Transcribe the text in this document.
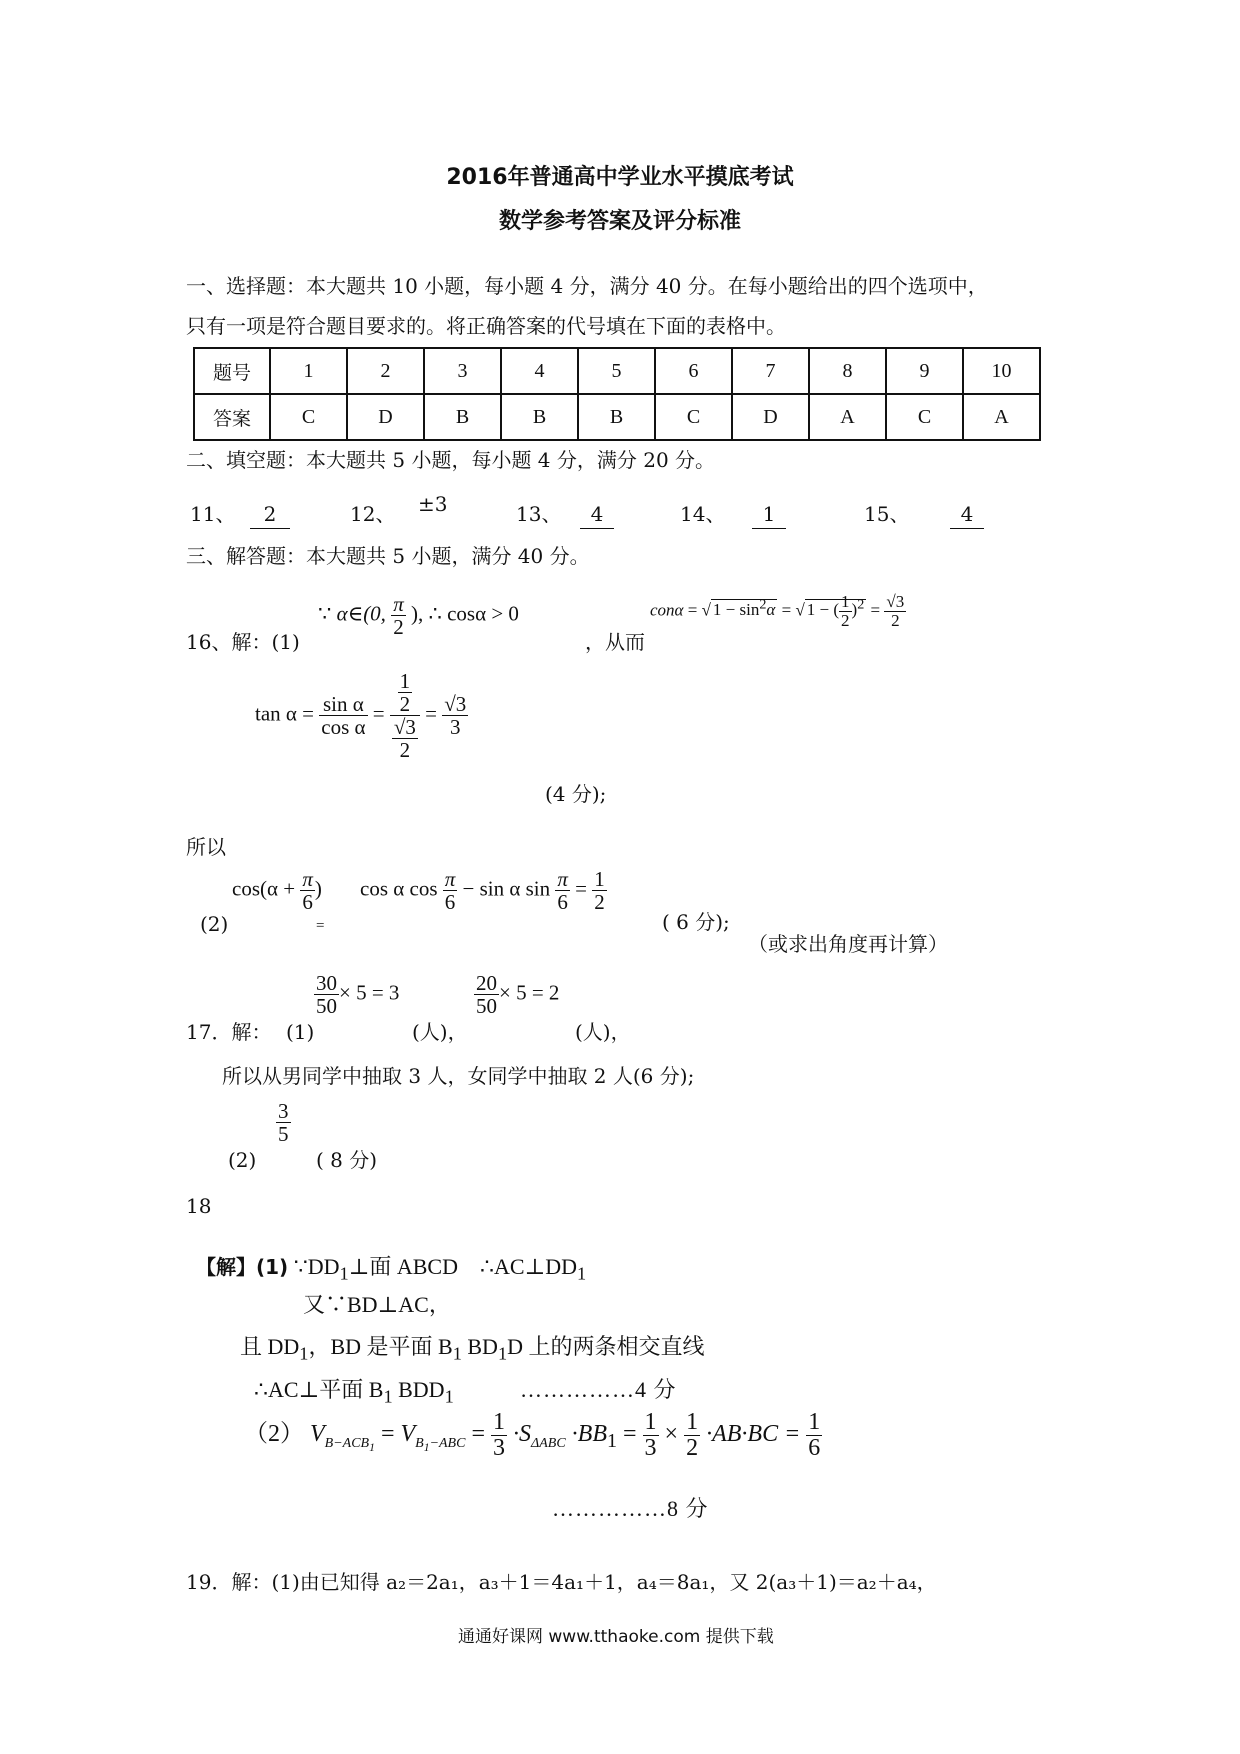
2016年普通高中学业水平摸底考试
数学参考答案及评分标准
一、选择题：本大题共 10 小题，每小题 4 分，满分 40 分。在每小题给出的四个选项中，
只有一项是符合题目要求的。将正确答案的代号填在下面的表格中。
题号	1	2	3	4	5	6	7	8	9	10
答案	C	D	B	B	B	C	D	A	C	A
二、填空题：本大题共 5 小题，每小题 4 分，满分 20 分。
11、	2	12、 ±3	13、	4	14、	1	15、	4
三、解答题：本大题共 5 小题，满分 40 分。
16、解：(1)
∵ α∈(0, $\frac{\pi}{2}$ ), ∴ cosα > 0
，从而
conα = √ $1 - \sin^2\alpha$ = √ 1 − ( $\frac{1}{2} )^2 = \frac{√3}{2}$
$\tan \alpha = \frac{\text{sin α}}{\text{cos α}} = \frac{\frac{1}{2}}{\frac{√3}{2}} = \frac{√3}{3}$
(4 分);
所以
(2)
$\cos(\alpha + \frac{\pi}{6}$ )
=
cos α $\cos \frac{\pi}{6} - \sin \alpha$ $\sin \frac{\pi}{6} = \frac{1}{2}$
( 6 分);
（或求出角度再计算）
17．解： (1)
$\frac{30}{50} \times 5 = 3$
(人)，
$\frac{20}{50} \times 5 = 2$
(人)，
所以从男同学中抽取 3 人，女同学中抽取 2 人(6 分);
(2)
$\frac{3}{5}$
( 8 分)
18
【解】(1) $\because DD_1\perp$面 ABCD $\therefore AC\perp DD_1$
又∵BD⊥AC，
且 $DD_1$，BD 是平面 $B_1$ $BD_1D$ 上的两条相交直线
∴AC⊥平面 $B_1$ $BDD_1$	……………4 分
（2） $V_{B-ACB_1} = V_{B_1-ABC} = \frac{1}{3} \cdot S_{\Delta ABC} \cdot BB_1 = \frac{1}{3} \times \frac{1}{2} \cdot AB\cdot BC = \frac{1}{6}$
……………8 分
19．解：(1)由已知得 a₂＝2a₁，a₃＋1＝4a₁＋1，a₄＝8a₁，又 2(a₃＋1)＝a₂＋a₄，
通通好课网 www.tthaoke.com 提供下载
